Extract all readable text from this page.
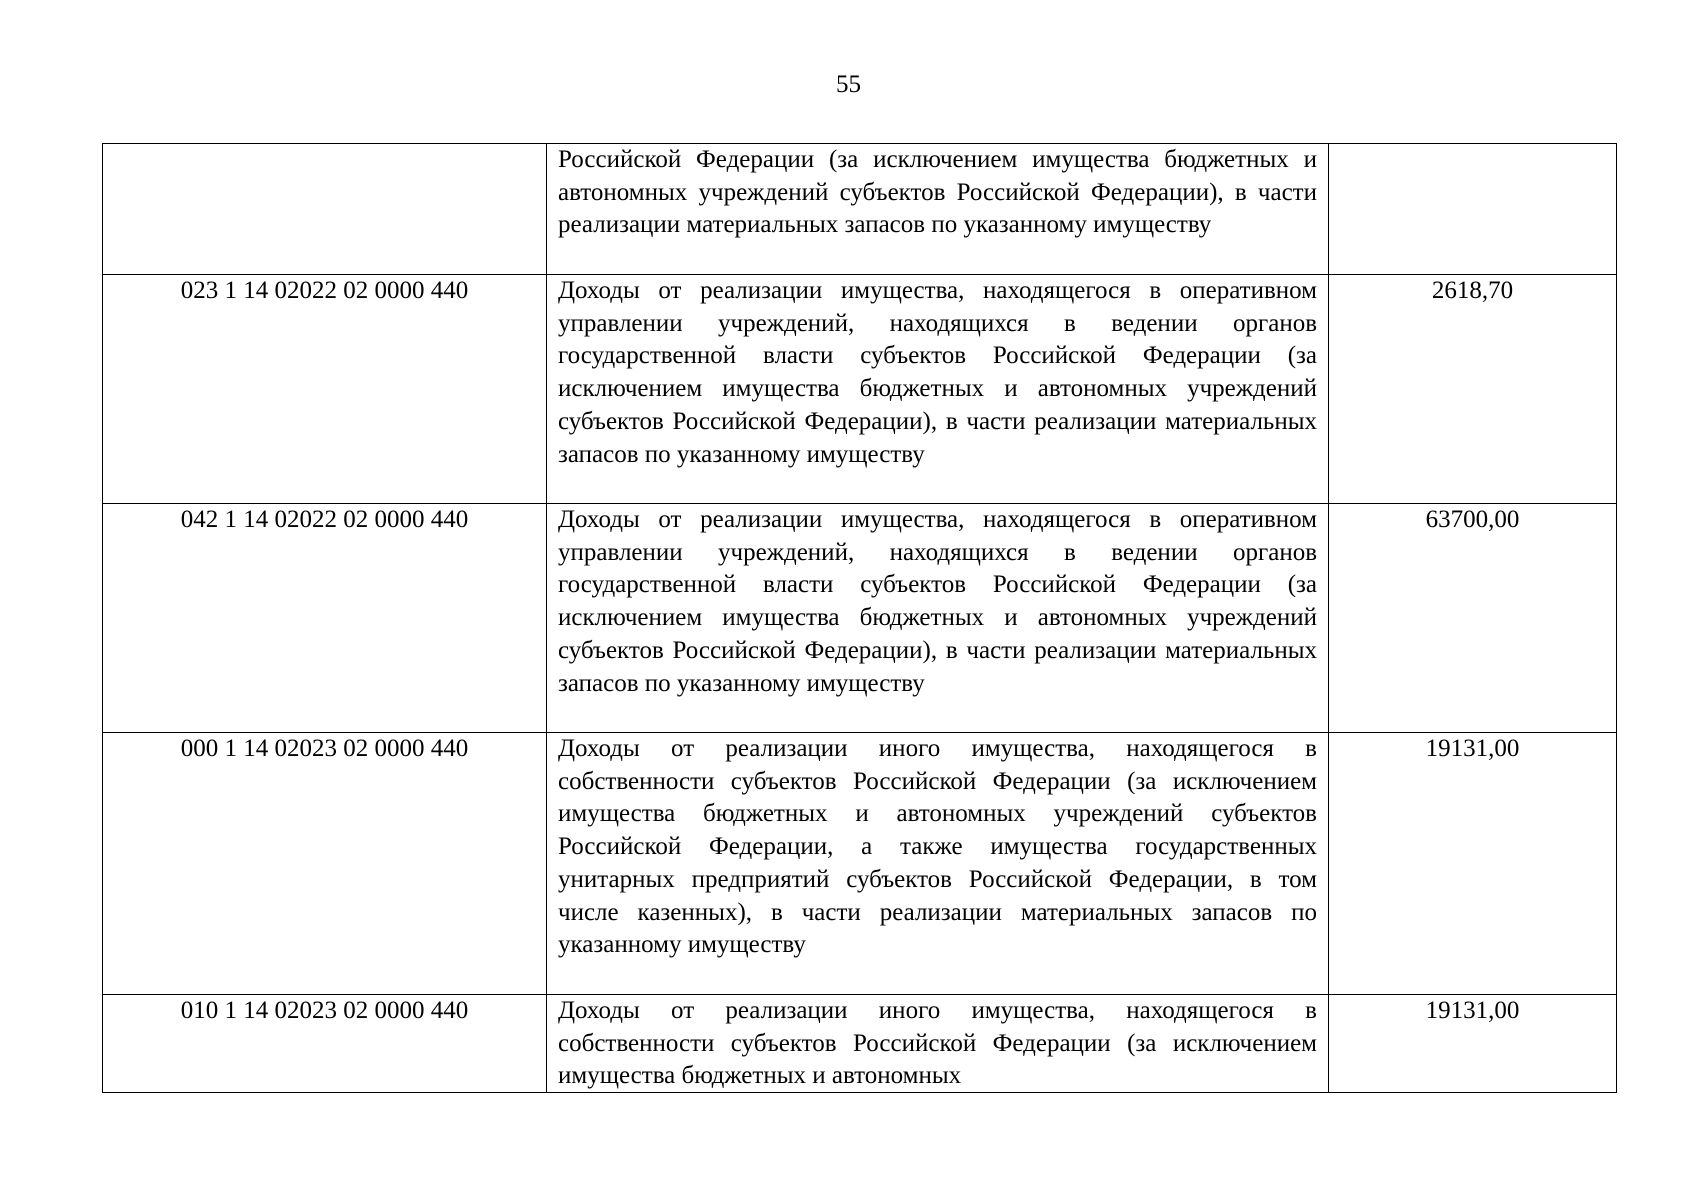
55
	Российской Федерации (за исключением имущества бюджетных и автономных учреждений субъектов Российской Федерации), в части реализации материальных запасов по указанному имуществу	
023 1 14 02022 02 0000 440	Доходы от реализации имущества, находящегося в оперативном управлении учреждений, находящихся в ведении органов государственной власти субъектов Российской Федерации (за исключением имущества бюджетных и автономных учреждений субъектов Российской Федерации), в части реализации материальных запасов по указанному имуществу	2618,70
042 1 14 02022 02 0000 440	Доходы от реализации имущества, находящегося в оперативном управлении учреждений, находящихся в ведении органов государственной власти субъектов Российской Федерации (за исключением имущества бюджетных и автономных учреждений субъектов Российской Федерации), в части реализации материальных запасов по указанному имуществу	63700,00
000 1 14 02023 02 0000 440	Доходы от реализации иного имущества, находящегося в собственности субъектов Российской Федерации (за исключением имущества бюджетных и автономных учреждений субъектов Российской Федерации, а также имущества государственных унитарных предприятий субъектов Российской Федерации, в том числе казенных), в части реализации материальных запасов по указанному имуществу	19131,00
010 1 14 02023 02 0000 440	Доходы от реализации иного имущества, находящегося в собственности субъектов Российской Федерации (за исключением имущества бюджетных и автономных	19131,00
